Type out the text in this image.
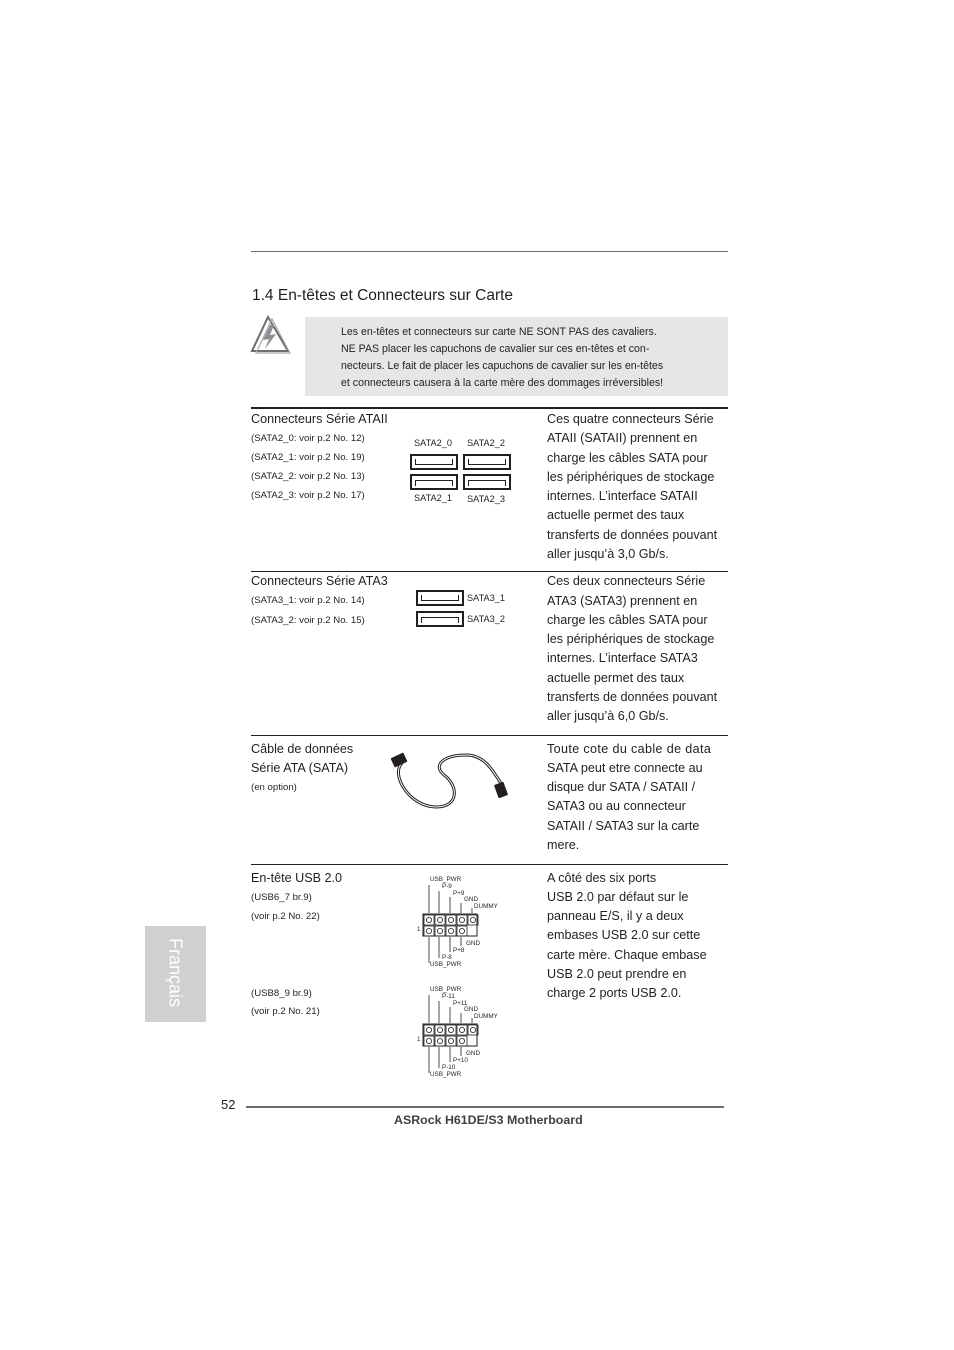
1.4 En-têtes et Connecteurs sur Carte
Les en-têtes et connecteurs sur carte NE SONT PAS des cavaliers.
NE PAS placer les capuchons de cavalier sur ces en-têtes et con-
necteurs. Le fait de placer les capuchons de cavalier sur les en-têtes
et connecteurs causera à la carte mère des dommages irréversibles!
Connecteurs Série ATAII
(SATA2_0: voir p.2 No. 12)
(SATA2_1: voir p.2 No. 19)
(SATA2_2: voir p.2 No. 13)
(SATA2_3: voir p.2 No. 17)
SATA2_0 SATA2_2
SATA2_1 SATA2_3
Ces quatre connecteurs Série
ATAII (SATAII) prennent en
charge les câbles SATA pour
les périphériques de stockage
internes. L’interface SATAII
actuelle permet des taux
transferts de données pouvant
aller jusqu’à 3,0 Gb/s.
Connecteurs Série ATA3
(SATA3_1: voir p.2 No. 14)
(SATA3_2: voir p.2 No. 15)
SATA3_1
SATA3_2
Ces deux connecteurs Série
ATA3 (SATA3) prennent en
charge les câbles SATA pour
les périphériques de stockage
internes. L’interface SATA3
actuelle permet des taux
transferts de données pouvant
aller jusqu’à 6,0 Gb/s.
Câble de données
Série ATA (SATA)
(en option)
Toute cote du cable de data
SATA peut etre connecte au
disque dur SATA / SATAII /
SATA3 ou au connecteur
SATAII / SATA3 sur la carte
mere.
En-tête USB 2.0
(USB6_7 br.9)
(voir p.2 No. 22)
(USB8_9 br.9)
(voir p.2 No. 21)
USB_PWR
P-9
P+9
GND
DUMMY
1
GND
P+8
P-8
USB_PWR
USB_PWR
P-11
P+11
GND
DUMMY
1
GND
P+10
P-10
USB_PWR
A côté des six ports
USB 2.0 par défaut sur le
panneau E/S, il y a deux
embases USB 2.0 sur cette
carte mère. Chaque embase
USB 2.0 peut prendre en
charge 2 ports USB 2.0.
Français
52
ASRock H61DE/S3 Motherboard
